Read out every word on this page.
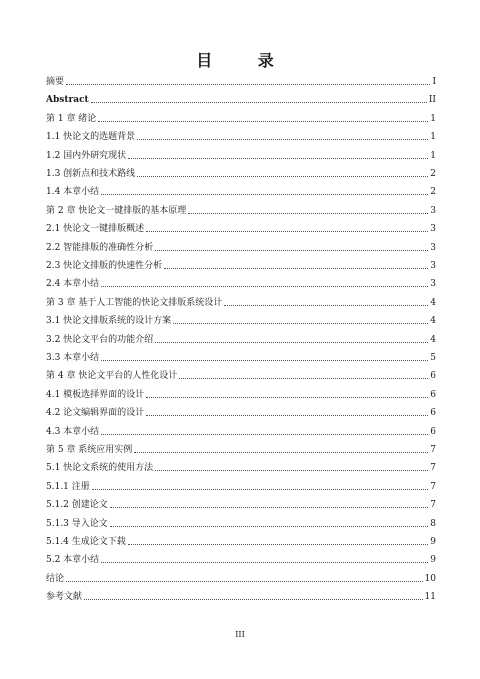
目 录
摘要	I
Abstract	II
第 1 章 绪论	1
1.1 快论文的选题背景	1
1.2 国内外研究现状	1
1.3 创新点和技术路线	2
1.4 本章小结	2
第 2 章 快论文一键排版的基本原理	3
2.1 快论文一键排版概述	3
2.2 智能排版的准确性分析	3
2.3 快论文排版的快速性分析	3
2.4 本章小结	3
第 3 章 基于人工智能的快论文排版系统设计	4
3.1 快论文排版系统的设计方案	4
3.2 快论文平台的功能介绍	4
3.3 本章小结	5
第 4 章 快论文平台的人性化设计	6
4.1 模板选择界面的设计	6
4.2 论文编辑界面的设计	6
4.3 本章小结	6
第 5 章 系统应用实例	7
5.1 快论文系统的使用方法	7
5.1.1 注册	7
5.1.2 创建论文	7
5.1.3 导入论文	8
5.1.4 生成论文下载	9
5.2 本章小结	9
结论	10
参考文献	11
III
